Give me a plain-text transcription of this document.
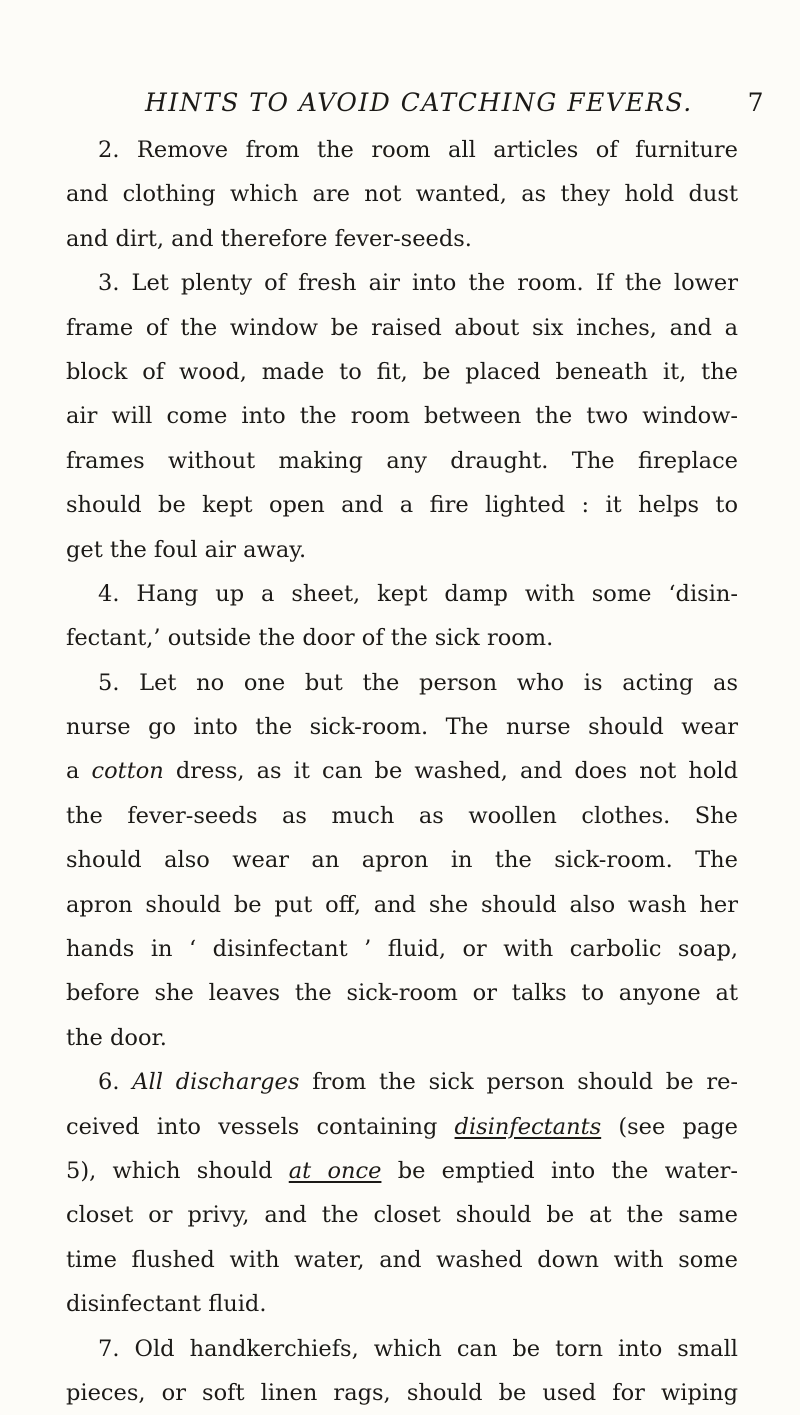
HINTS TO AVOID CATCHING FEVERS. 7
2. Remove from the room all articles of furniture
and clothing which are not wanted, as they hold dust
and dirt, and therefore fever-seeds.
3. Let plenty of fresh air into the room. If the lower
frame of the window be raised about six inches, and a
block of wood, made to fit, be placed beneath it, the
air will come into the room between the two window-
frames without making any draught. The fireplace
should be kept open and a fire lighted : it helps to
get the foul air away.
4. Hang up a sheet, kept damp with some ‘disin-
fectant,’ outside the door of the sick room.
5. Let no one but the person who is acting as
nurse go into the sick-room. The nurse should wear
a cotton dress, as it can be washed, and does not hold
the fever-seeds as much as woollen clothes. She
should also wear an apron in the sick-room. The
apron should be put off, and she should also wash her
hands in ‘ disinfectant ’ fluid, or with carbolic soap,
before she leaves the sick-room or talks to anyone at
the door.
6. All discharges from the sick person should be re-
ceived into vessels containing disinfectants (see page
5), which should at once be emptied into the water-
closet or privy, and the closet should be at the same
time flushed with water, and washed down with some
disinfectant fluid.
7. Old handkerchiefs, which can be torn into small
pieces, or soft linen rags, should be used for wiping
